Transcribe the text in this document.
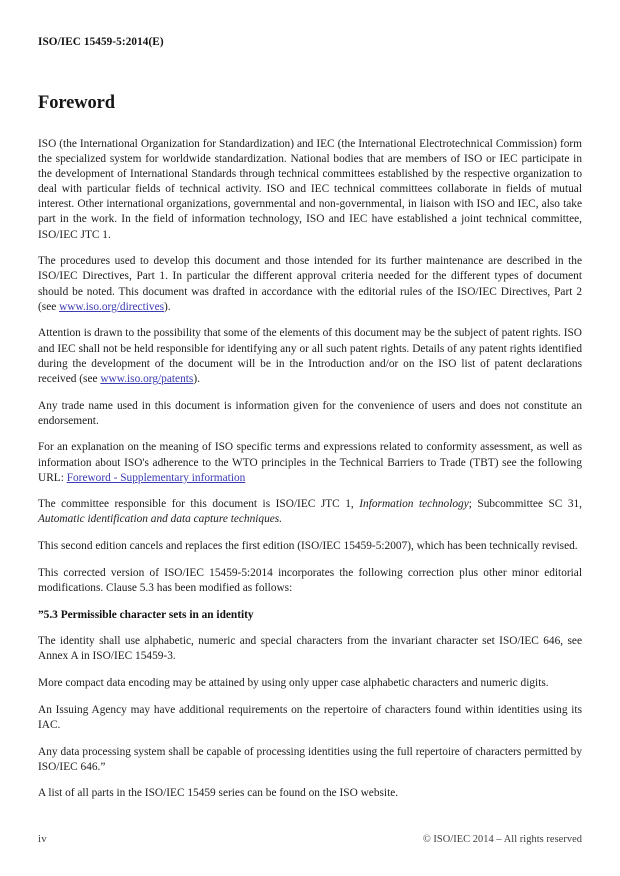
ISO/IEC 15459-5:2014(E)
Foreword

ISO (the International Organization for Standardization) and IEC (the International Electrotechnical Commission) form the specialized system for worldwide standardization. National bodies that are members of ISO or IEC participate in the development of International Standards through technical committees established by the respective organization to deal with particular fields of technical activity. ISO and IEC technical committees collaborate in fields of mutual interest. Other international organizations, governmental and non-governmental, in liaison with ISO and IEC, also take part in the work. In the field of information technology, ISO and IEC have established a joint technical committee, ISO/IEC JTC 1.

The procedures used to develop this document and those intended for its further maintenance are described in the ISO/IEC Directives, Part 1. In particular the different approval criteria needed for the different types of document should be noted. This document was drafted in accordance with the editorial rules of the ISO/IEC Directives, Part 2 (see www.iso.org/directives).

Attention is drawn to the possibility that some of the elements of this document may be the subject of patent rights. ISO and IEC shall not be held responsible for identifying any or all such patent rights. Details of any patent rights identified during the development of the document will be in the Introduction and/or on the ISO list of patent declarations received (see www.iso.org/patents).

Any trade name used in this document is information given for the convenience of users and does not constitute an endorsement.

For an explanation on the meaning of ISO specific terms and expressions related to conformity assessment, as well as information about ISO's adherence to the WTO principles in the Technical Barriers to Trade (TBT) see the following URL: Foreword - Supplementary information

The committee responsible for this document is ISO/IEC JTC 1, Information technology; Subcommittee SC 31, Automatic identification and data capture techniques.

This second edition cancels and replaces the first edition (ISO/IEC 15459-5:2007), which has been technically revised.

This corrected version of ISO/IEC 15459-5:2014 incorporates the following correction plus other minor editorial modifications. Clause 5.3 has been modified as follows:

”5.3 Permissible character sets in an identity

The identity shall use alphabetic, numeric and special characters from the invariant character set ISO/IEC 646, see Annex A in ISO/IEC 15459-3.

More compact data encoding may be attained by using only upper case alphabetic characters and numeric digits.

An Issuing Agency may have additional requirements on the repertoire of characters found within identities using its IAC.

Any data processing system shall be capable of processing identities using the full repertoire of characters permitted by ISO/IEC 646.”

A list of all parts in the ISO/IEC 15459 series can be found on the ISO website.

iv	© ISO/IEC 2014 – All rights reserved
